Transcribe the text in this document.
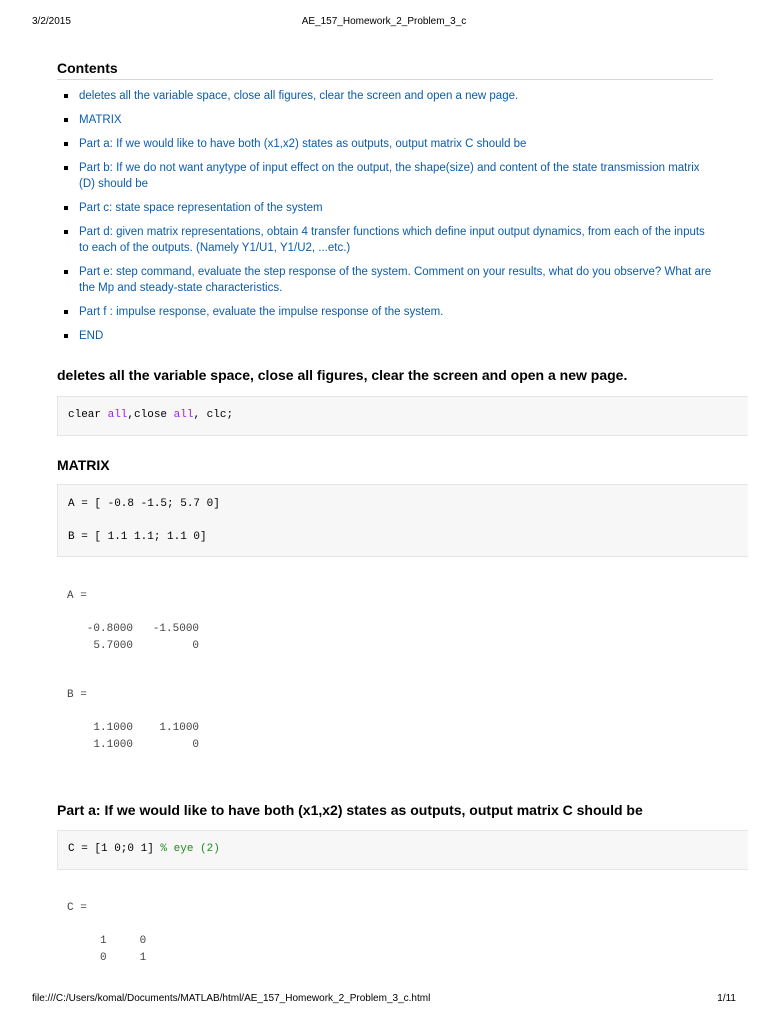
3/2/2015	AE_157_Homework_2_Problem_3_c
Contents
deletes all the variable space, close all figures, clear the screen and open a new page.
MATRIX
Part a: If we would like to have both (x1,x2) states as outputs, output matrix C should be
Part b: If we do not want anytype of input effect on the output, the shape(size) and content of the state transmission matrix (D) should be
Part c: state space representation of the system
Part d: given matrix representations, obtain 4 transfer functions which define input output dynamics, from each of the inputs to each of the outputs. (Namely Y1/U1, Y1/U2, ...etc.)
Part e: step command, evaluate the step response of the system. Comment on your results, what do you observe? What are the Mp and steady-state characteristics.
Part f : impulse response, evaluate the impulse response of the system.
END
deletes all the variable space, close all figures, clear the screen and open a new page.
clear all,close all, clc;
MATRIX
A = [ -0.8 -1.5; 5.7 0]
B = [ 1.1 1.1; 1.1 0]
A =
-0.8000   -1.5000
5.7000         0
B =
1.1000    1.1000
1.1000         0
Part a: If we would like to have both (x1,x2) states as outputs, output matrix C should be
C = [1 0;0 1] % eye (2)
C =
1     0
0     1
file:///C:/Users/komal/Documents/MATLAB/html/AE_157_Homework_2_Problem_3_c.html	1/11
